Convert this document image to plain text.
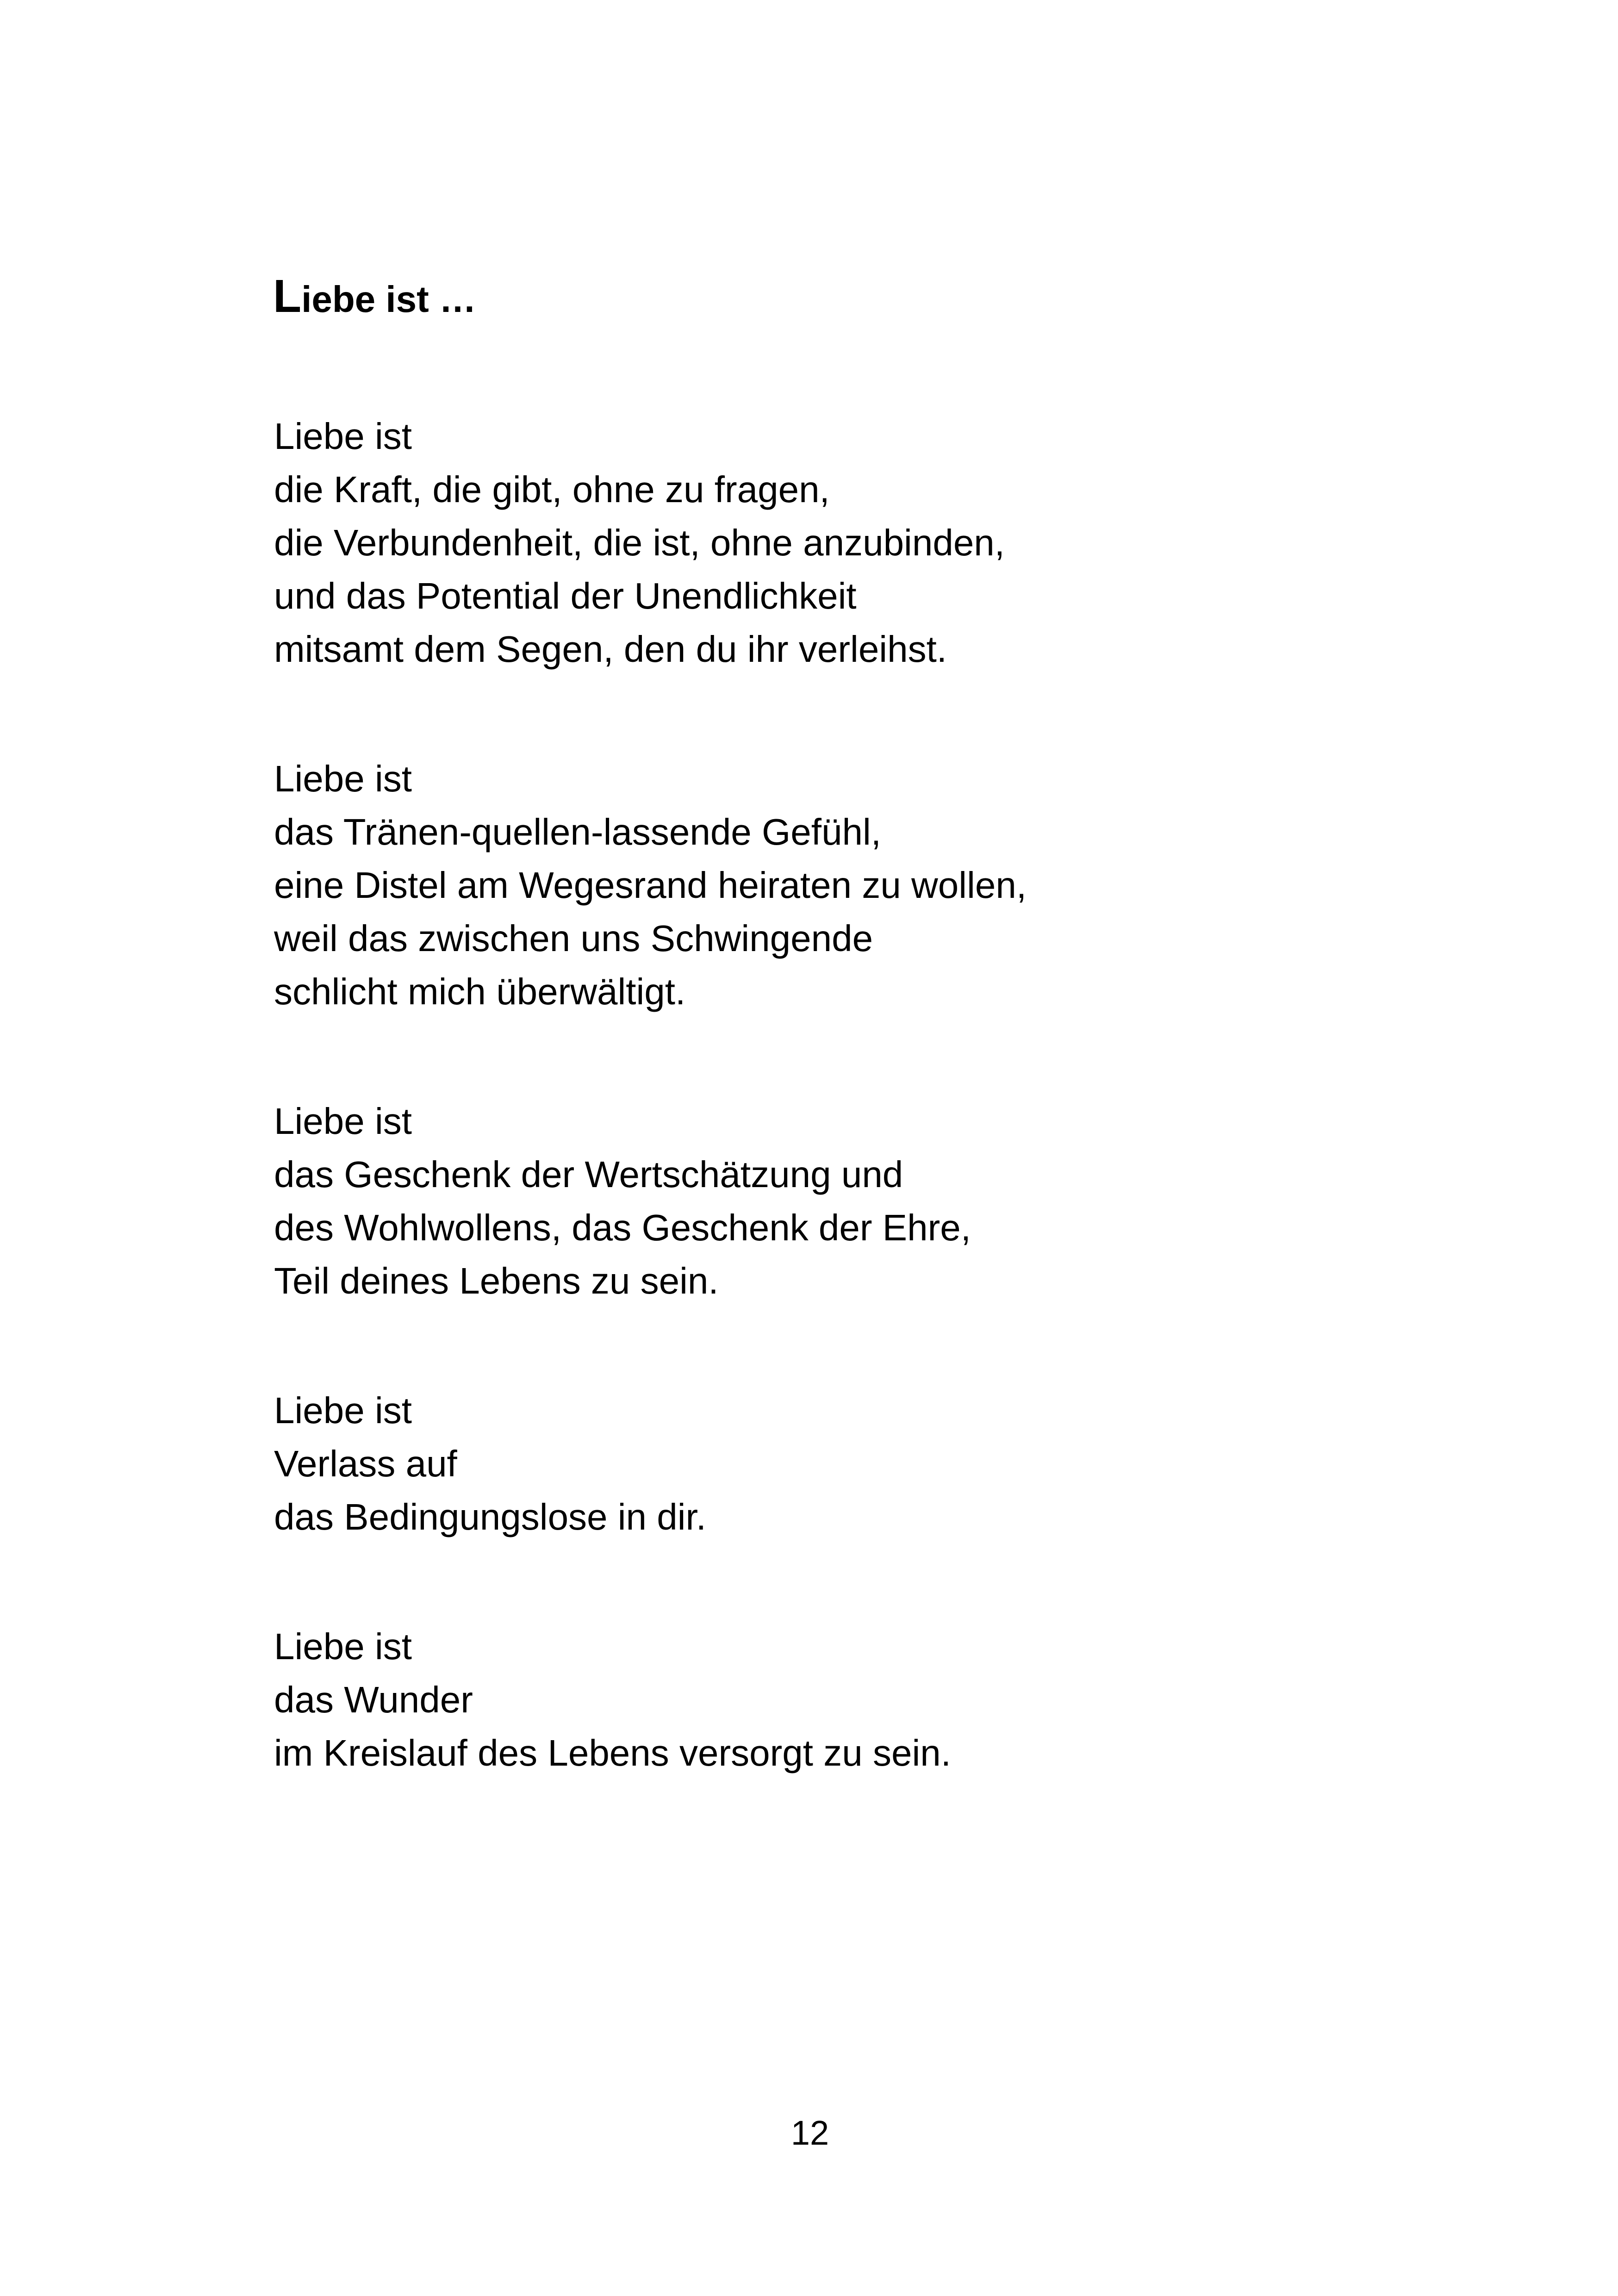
Liebe ist …

Liebe ist
die Kraft, die gibt, ohne zu fragen,
die Verbundenheit, die ist, ohne anzubinden,
und das Potential der Unendlichkeit
mitsamt dem Segen, den du ihr verleihst.

Liebe ist
das Tränen-quellen-lassende Gefühl,
eine Distel am Wegesrand heiraten zu wollen,
weil das zwischen uns Schwingende
schlicht mich überwältigt.

Liebe ist
das Geschenk der Wertschätzung und
des Wohlwollens, das Geschenk der Ehre,
Teil deines Lebens zu sein.

Liebe ist
Verlass auf
das Bedingungslose in dir.

Liebe ist
das Wunder
im Kreislauf des Lebens versorgt zu sein.

12
